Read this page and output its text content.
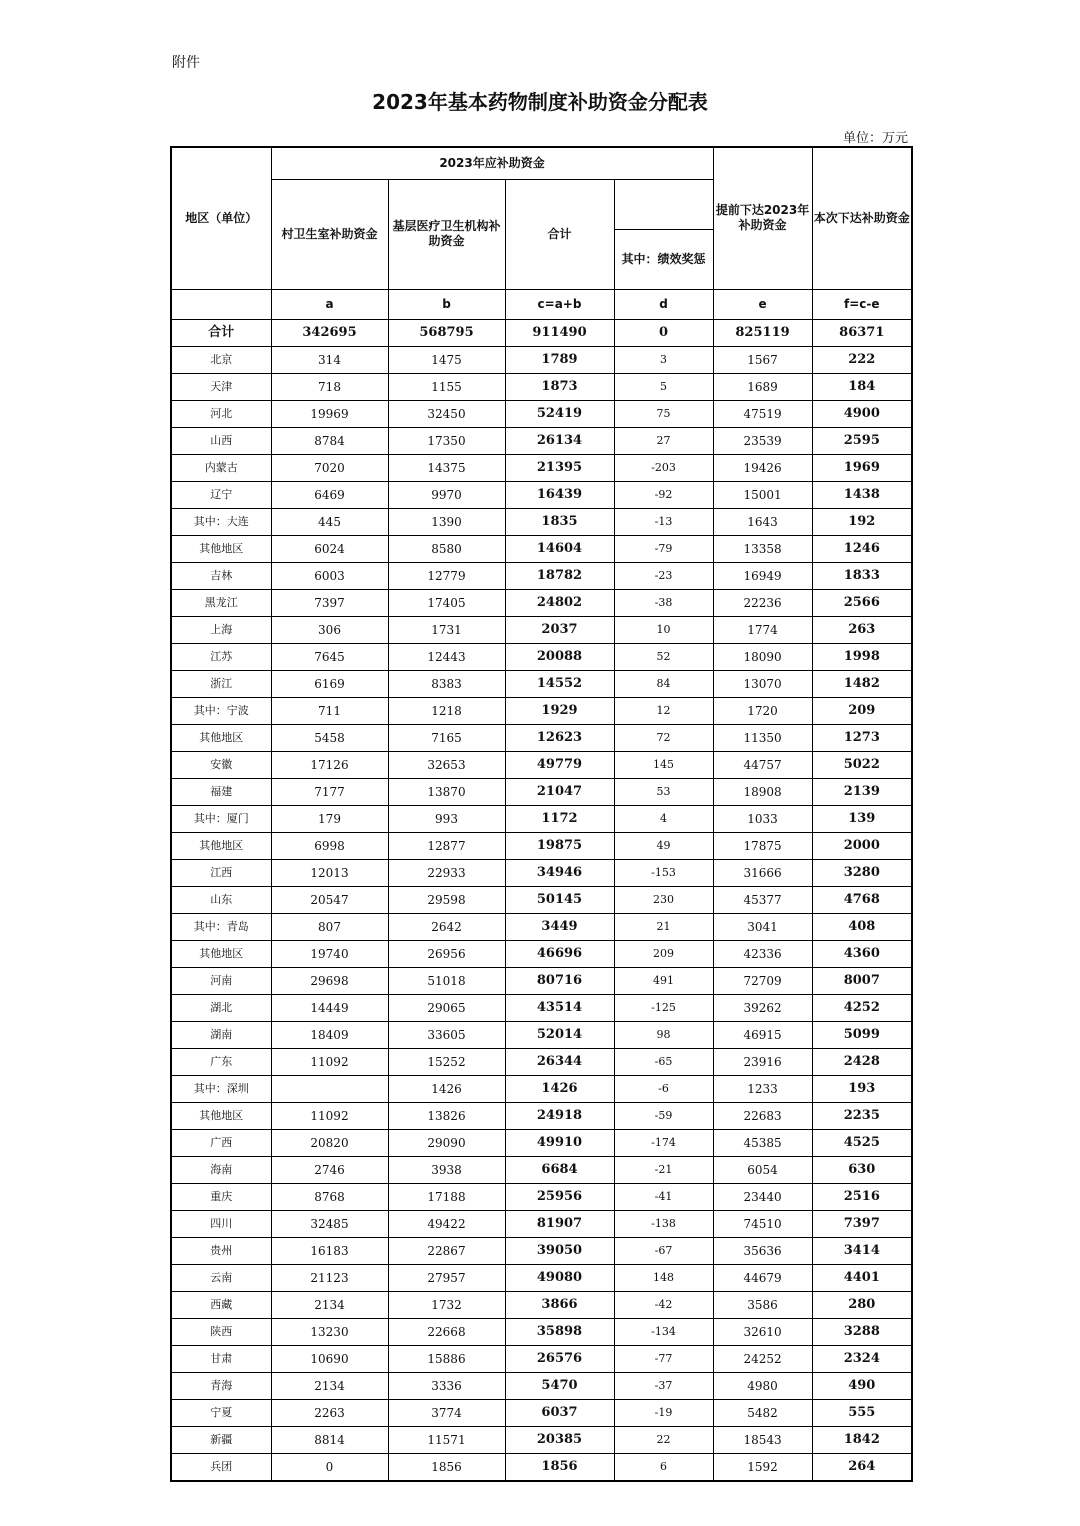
附件
2023年基本药物制度补助资金分配表
单位：万元
地区（单位）	2023年应补助资金				提前下达2023年补助资金	本次下达补助资金
	村卫生室补助资金	基层医疗卫生机构补助资金	合计			
				其中：绩效奖惩		
	a	b	c=a+b	d	e	f=c-e
合计	342695	568795	911490	0	825119	86371
北京	314	1475	1789	3	1567	222
天津	718	1155	1873	5	1689	184
河北	19969	32450	52419	75	47519	4900
山西	8784	17350	26134	27	23539	2595
内蒙古	7020	14375	21395	-203	19426	1969
辽宁	6469	9970	16439	-92	15001	1438
其中：大连	445	1390	1835	-13	1643	192
其他地区	6024	8580	14604	-79	13358	1246
吉林	6003	12779	18782	-23	16949	1833
黑龙江	7397	17405	24802	-38	22236	2566
上海	306	1731	2037	10	1774	263
江苏	7645	12443	20088	52	18090	1998
浙江	6169	8383	14552	84	13070	1482
其中：宁波	711	1218	1929	12	1720	209
其他地区	5458	7165	12623	72	11350	1273
安徽	17126	32653	49779	145	44757	5022
福建	7177	13870	21047	53	18908	2139
其中：厦门	179	993	1172	4	1033	139
其他地区	6998	12877	19875	49	17875	2000
江西	12013	22933	34946	-153	31666	3280
山东	20547	29598	50145	230	45377	4768
其中：青岛	807	2642	3449	21	3041	408
其他地区	19740	26956	46696	209	42336	4360
河南	29698	51018	80716	491	72709	8007
湖北	14449	29065	43514	-125	39262	4252
湖南	18409	33605	52014	98	46915	5099
广东	11092	15252	26344	-65	23916	2428
其中：深圳		1426	1426	-6	1233	193
其他地区	11092	13826	24918	-59	22683	2235
广西	20820	29090	49910	-174	45385	4525
海南	2746	3938	6684	-21	6054	630
重庆	8768	17188	25956	-41	23440	2516
四川	32485	49422	81907	-138	74510	7397
贵州	16183	22867	39050	-67	35636	3414
云南	21123	27957	49080	148	44679	4401
西藏	2134	1732	3866	-42	3586	280
陕西	13230	22668	35898	-134	32610	3288
甘肃	10690	15886	26576	-77	24252	2324
青海	2134	3336	5470	-37	4980	490
宁夏	2263	3774	6037	-19	5482	555
新疆	8814	11571	20385	22	18543	1842
兵团	0	1856	1856	6	1592	264
